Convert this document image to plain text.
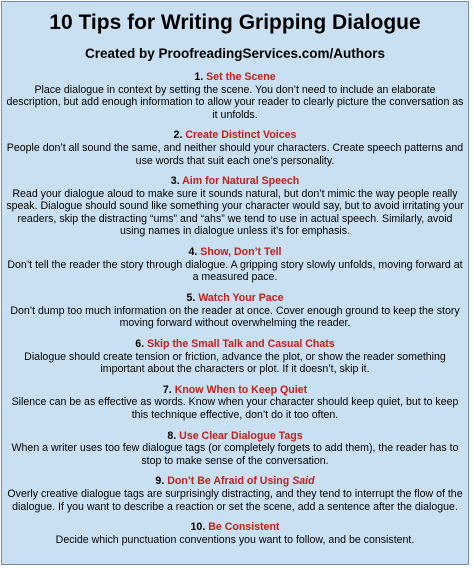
10 Tips for Writing Gripping Dialogue
Created by ProofreadingServices.com/Authors
1. Set the Scene
Place dialogue in context by setting the scene. You don’t need to include an elaborate description, but add enough information to allow your reader to clearly picture the conversation as it unfolds.
2. Create Distinct Voices
People don’t all sound the same, and neither should your characters. Create speech patterns and use words that suit each one’s personality.
3. Aim for Natural Speech
Read your dialogue aloud to make sure it sounds natural, but don’t mimic the way people really speak. Dialogue should sound like something your character would say, but to avoid irritating your readers, skip the distracting “ums” and “ahs” we tend to use in actual speech. Similarly, avoid using names in dialogue unless it’s for emphasis.
4. Show, Don’t Tell
Don’t tell the reader the story through dialogue. A gripping story slowly unfolds, moving forward at a measured pace.
5. Watch Your Pace
Don’t dump too much information on the reader at once. Cover enough ground to keep the story moving forward without overwhelming the reader.
6. Skip the Small Talk and Casual Chats
Dialogue should create tension or friction, advance the plot, or show the reader something important about the characters or plot. If it doesn’t, skip it.
7. Know When to Keep Quiet
Silence can be as effective as words. Know when your character should keep quiet, but to keep this technique effective, don’t do it too often.
8. Use Clear Dialogue Tags
When a writer uses too few dialogue tags (or completely forgets to add them), the reader has to stop to make sense of the conversation.
9. Don’t Be Afraid of Using Said
Overly creative dialogue tags are surprisingly distracting, and they tend to interrupt the flow of the dialogue. If you want to describe a reaction or set the scene, add a sentence after the dialogue.
10. Be Consistent
Decide which punctuation conventions you want to follow, and be consistent.
